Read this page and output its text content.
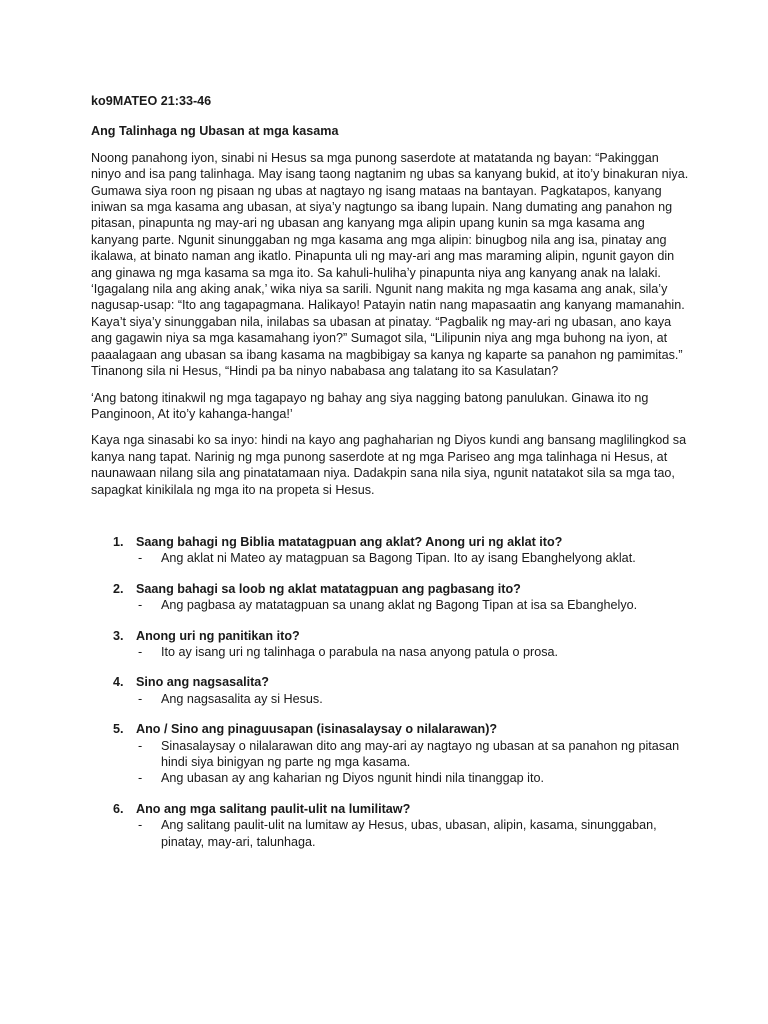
ko9MATEO 21:33-46
Ang Talinhaga ng Ubasan at mga kasama

Noong panahong iyon, sinabi ni Hesus sa mga punong saserdote at matatanda ng bayan: “Pakinggan ninyo and isa pang talinhaga. May isang taong nagtanim ng ubas sa kanyang bukid, at ito’y binakuran niya. Gumawa siya roon ng pisaan ng ubas at nagtayo ng isang mataas na bantayan. Pagkatapos, kanyang iniwan sa mga kasama ang ubasan, at siya’y nagtungo sa ibang lupain. Nang dumating ang panahon ng pitasan, pinapunta ng may-ari ng ubasan ang kanyang mga alipin upang kunin sa mga kasama ang kanyang parte. Ngunit sinunggaban ng mga kasama ang mga alipin: binugbog nila ang isa, pinatay ang ikalawa, at binato naman ang ikatlo. Pinapunta uli ng may-ari ang mas maraming alipin, ngunit gayon din ang ginawa ng mga kasama sa mga ito. Sa kahuli-hulihaʼy pinapunta niya ang kanyang anak na lalaki. ‘Igagalang nila ang aking anak,’ wika niya sa sarili. Ngunit nang makita ng mga kasama ang anak, sila’y nagusap-usap: “Ito ang tagapagmana. Halikayo! Patayin natin nang mapasaatin ang kanyang mamanahin. Kaya’t siya’y sinunggaban nila, inilabas sa ubasan at pinatay. “Pagbalik ng may-ari ng ubasan, ano kaya ang gagawin niya sa mga kasamahang iyon?” Sumagot sila, “Lilipunin niya ang mga buhong na iyon, at paaalagaan ang ubasan sa ibang kasama na magbibigay sa kanya ng kaparte sa panahon ng pamimitas.” Tinanong sila ni Hesus, “Hindi pa ba ninyo nababasa ang talatang ito sa Kasulatan?

‘Ang batong itinakwil ng mga tagapayo ng bahay ang siya nagging batong panulukan. Ginawa ito ng Panginoon, At ito’y kahanga-hanga!’

Kaya nga sinasabi ko sa inyo: hindi na kayo ang paghaharian ng Diyos kundi ang bansang maglilingkod sa kanya nang tapat. Narinig ng mga punong saserdote at ng mga Pariseo ang mga talinhaga ni Hesus, at naunawaan nilang sila ang pinatatamaan niya. Dadakpin sana nila siya, ngunit natatakot sila sa mga tao, sapagkat kinikilala ng mga ito na propeta si Hesus.

1. Saang bahagi ng Biblia matatagpuan ang aklat? Anong uri ng aklat ito?
- Ang aklat ni Mateo ay matagpuan sa Bagong Tipan. Ito ay isang Ebanghelyong aklat.
2. Saang bahagi sa loob ng aklat matatagpuan ang pagbasang ito?
- Ang pagbasa ay matatagpuan sa unang aklat ng Bagong Tipan at isa sa Ebanghelyo.
3. Anong uri ng panitikan ito?
- Ito ay isang uri ng talinhaga o parabula na nasa anyong patula o prosa.
4. Sino ang nagsasalita?
- Ang nagsasalita ay si Hesus.
5. Ano / Sino ang pinaguusapan (isinasalaysay o nilalarawan)?
- Sinasalaysay o nilalarawan dito ang may-ari ay nagtayo ng ubasan at sa panahon ng pitasan hindi siya binigyan ng parte ng mga kasama.
- Ang ubasan ay ang kaharian ng Diyos ngunit hindi nila tinanggap ito.
6. Ano ang mga salitang paulit-ulit na lumilitaw?
- Ang salitang paulit-ulit na lumitaw ay Hesus, ubas, ubasan, alipin, kasama, sinunggaban, pinatay, may-ari, talunhaga.
